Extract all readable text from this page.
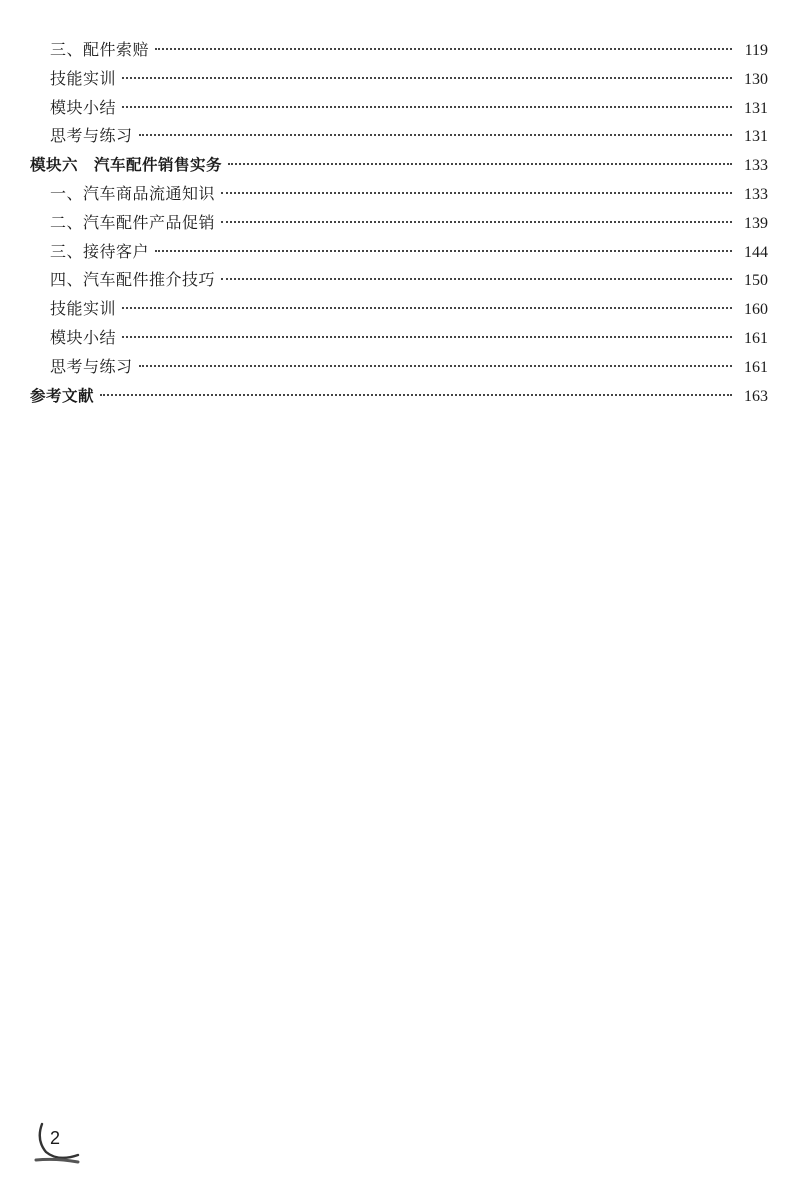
三、配件索赔	119
技能实训	130
模块小结	131
思考与练习	131
模块六　汽车配件销售实务	133
一、汽车商品流通知识	133
二、汽车配件产品促销	139
三、接待客户	144
四、汽车配件推介技巧	150
技能实训	160
模块小结	161
思考与练习	161
参考文献	163
2
